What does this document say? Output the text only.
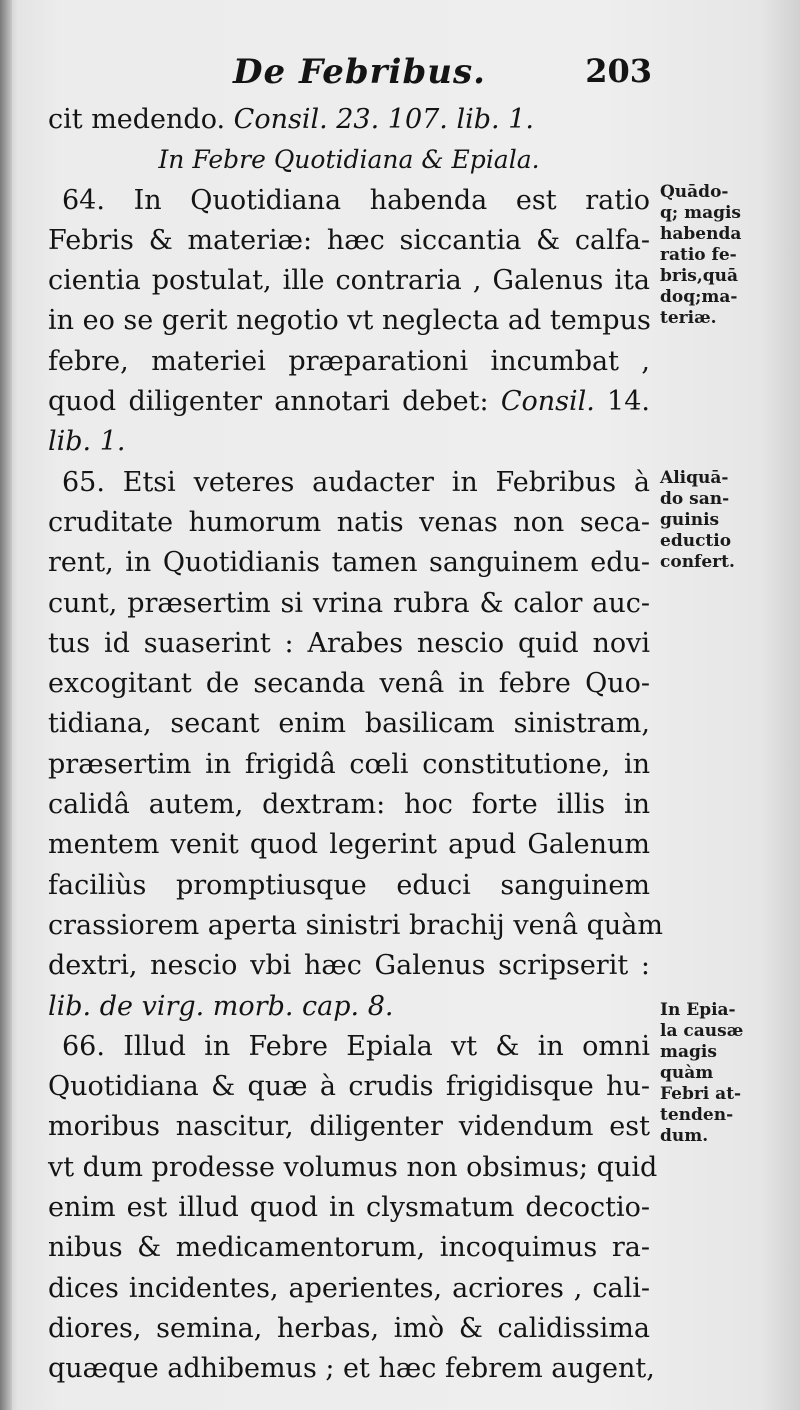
De Febribus.	203
cit medendo. Consil. 23. 107. lib. 1.
In Febre Quotidiana & Epiala.
64. In Quotidiana habenda est ratio
Febris & materiæ: hæc siccantia & calfa-
cientia postulat, ille contraria , Galenus ita
in eo se gerit negotio vt neglecta ad tempus
febre, materiei præparationi incumbat ,
quod diligenter annotari debet: Consil. 14.
lib. 1.
65. Etsi veteres audacter in Febribus à
cruditate humorum natis venas non seca-
rent, in Quotidianis tamen sanguinem edu-
cunt, præsertim si vrina rubra & calor auc-
tus id suaserint : Arabes nescio quid novi
excogitant de secanda venâ in febre Quo-
tidiana, secant enim basilicam sinistram,
præsertim in frigidâ cœli constitutione, in
calidâ autem, dextram: hoc forte illis in
mentem venit quod legerint apud Galenum
faciliùs promptiusque educi sanguinem
crassiorem aperta sinistri brachij venâ quàm
dextri, nescio vbi hæc Galenus scripserit :
lib. de virg. morb. cap. 8.
66. Illud in Febre Epiala vt & in omni
Quotidiana & quæ à crudis frigidisque hu-
moribus nascitur, diligenter videndum est
vt dum prodesse volumus non obsimus; quid
enim est illud quod in clysmatum decoctio-
nibus & medicamentorum, incoquimus ra-
dices incidentes, aperientes, acriores , cali-
diores, semina, herbas, imò & calidissima
quæque adhibemus ; et hæc febrem augent,
Quādo-
q; magis
habenda
ratio fe-
bris,quā
doq;ma-
teriæ.
Aliquā-
do san-
guinis
eductio
confert.
In Epia-
la causæ
magis
quàm
Febri at-
tenden-
dum.
